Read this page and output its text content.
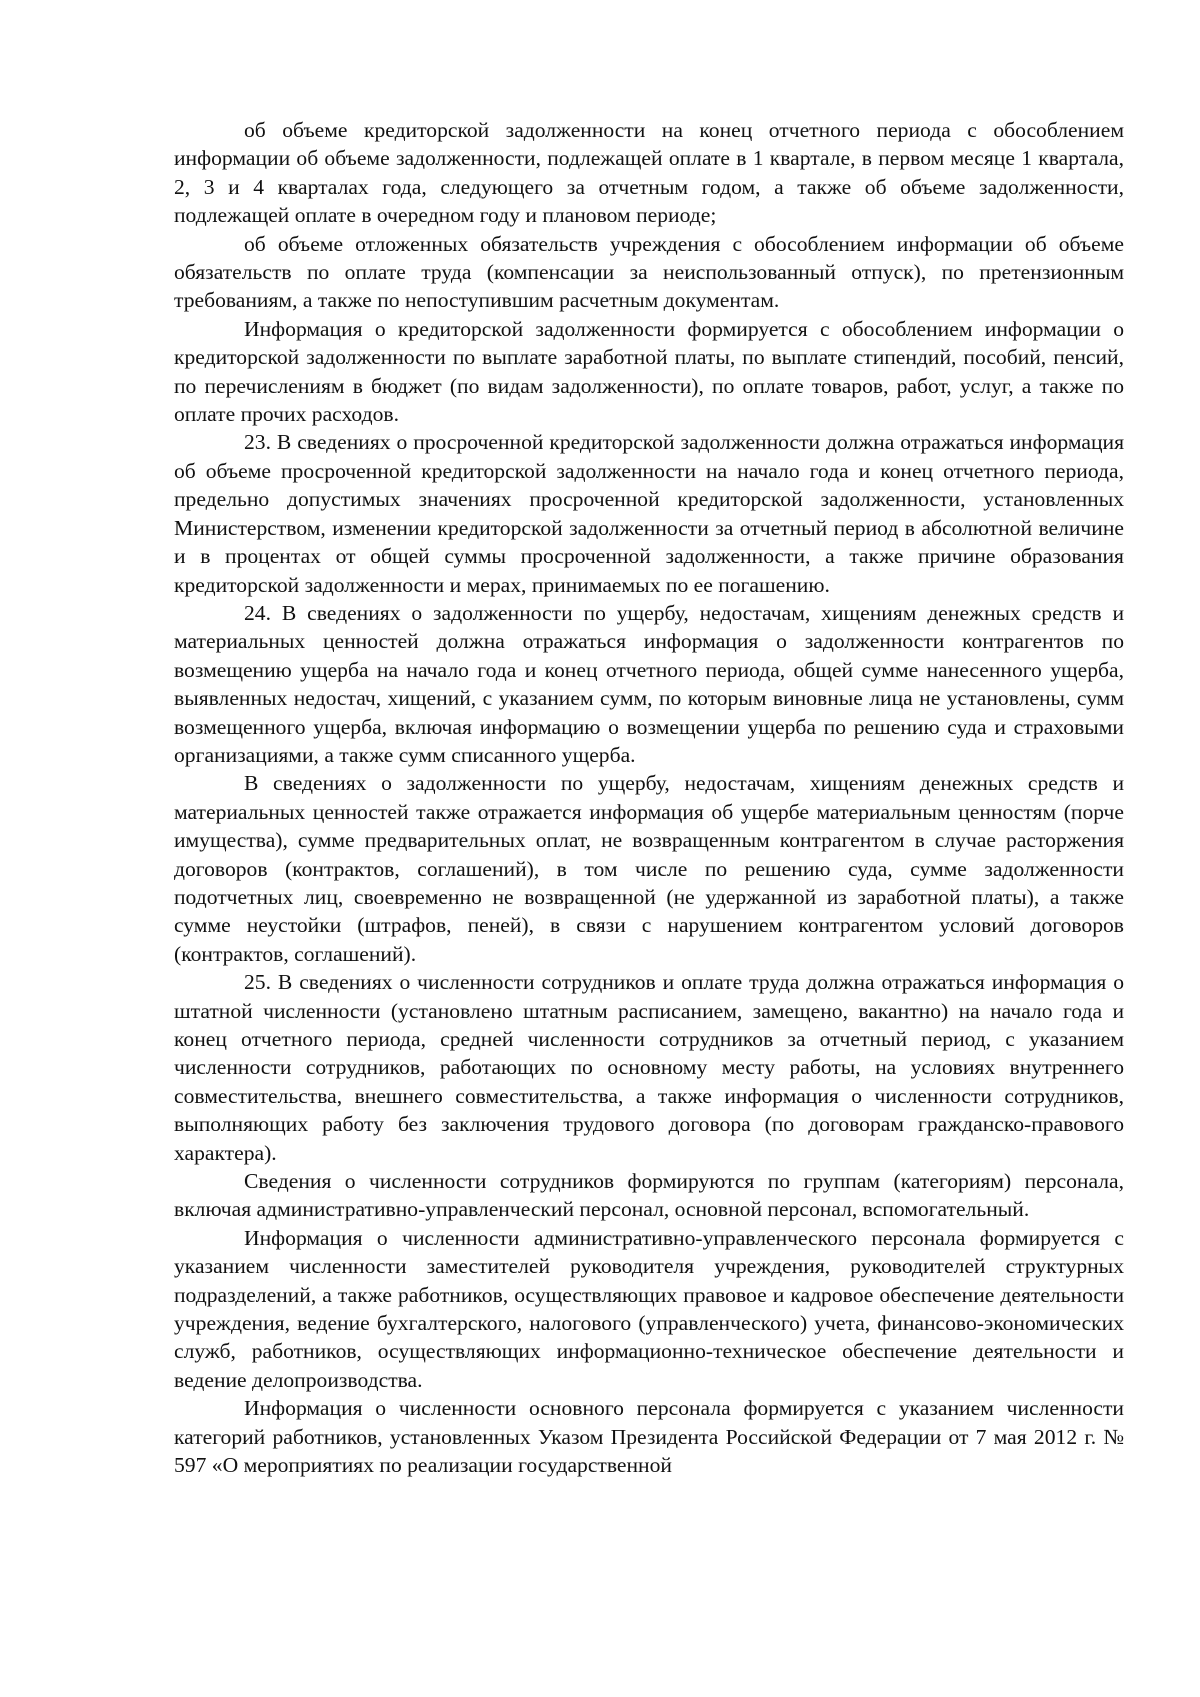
об объеме кредиторской задолженности на конец отчетного периода с обособлением информации об объеме задолженности, подлежащей оплате в 1 квартале, в первом месяце 1 квартала, 2, 3 и 4 кварталах года, следующего за отчетным годом, а также об объеме задолженности, подлежащей оплате в очередном году и плановом периоде;

об объеме отложенных обязательств учреждения с обособлением информации об объеме обязательств по оплате труда (компенсации за неиспользованный отпуск), по претензионным требованиям, а также по непоступившим расчетным документам.

Информация о кредиторской задолженности формируется с обособлением информации о кредиторской задолженности по выплате заработной платы, по выплате стипендий, пособий, пенсий, по перечислениям в бюджет (по видам задолженности), по оплате товаров, работ, услуг, а также по оплате прочих расходов.

23. В сведениях о просроченной кредиторской задолженности должна отражаться информация об объеме просроченной кредиторской задолженности на начало года и конец отчетного периода, предельно допустимых значениях просроченной кредиторской задолженности, установленных Министерством, изменении кредиторской задолженности за отчетный период в абсолютной величине и в процентах от общей суммы просроченной задолженности, а также причине образования кредиторской задолженности и мерах, принимаемых по ее погашению.

24. В сведениях о задолженности по ущербу, недостачам, хищениям денежных средств и материальных ценностей должна отражаться информация о задолженности контрагентов по возмещению ущерба на начало года и конец отчетного периода, общей сумме нанесенного ущерба, выявленных недостач, хищений, с указанием сумм, по которым виновные лица не установлены, сумм возмещенного ущерба, включая информацию о возмещении ущерба по решению суда и страховыми организациями, а также сумм списанного ущерба.

В сведениях о задолженности по ущербу, недостачам, хищениям денежных средств и материальных ценностей также отражается информация об ущербе материальным ценностям (порче имущества), сумме предварительных оплат, не возвращенным контрагентом в случае расторжения договоров (контрактов, соглашений), в том числе по решению суда, сумме задолженности подотчетных лиц, своевременно не возвращенной (не удержанной из заработной платы), а также сумме неустойки (штрафов, пеней), в связи с нарушением контрагентом условий договоров (контрактов, соглашений).

25. В сведениях о численности сотрудников и оплате труда должна отражаться информация о штатной численности (установлено штатным расписанием, замещено, вакантно) на начало года и конец отчетного периода, средней численности сотрудников за отчетный период, с указанием численности сотрудников, работающих по основному месту работы, на условиях внутреннего совместительства, внешнего совместительства, а также информация о численности сотрудников, выполняющих работу без заключения трудового договора (по договорам гражданско-правового характера).

Сведения о численности сотрудников формируются по группам (категориям) персонала, включая административно-управленческий персонал, основной персонал, вспомогательный.

Информация о численности административно-управленческого персонала формируется с указанием численности заместителей руководителя учреждения, руководителей структурных подразделений, а также работников, осуществляющих правовое и кадровое обеспечение деятельности учреждения, ведение бухгалтерского, налогового (управленческого) учета, финансово-экономических служб, работников, осуществляющих информационно-техническое обеспечение деятельности и ведение делопроизводства.

Информация о численности основного персонала формируется с указанием численности категорий работников, установленных Указом Президента Российской Федерации от 7 мая 2012 г. № 597 «О мероприятиях по реализации государственной
